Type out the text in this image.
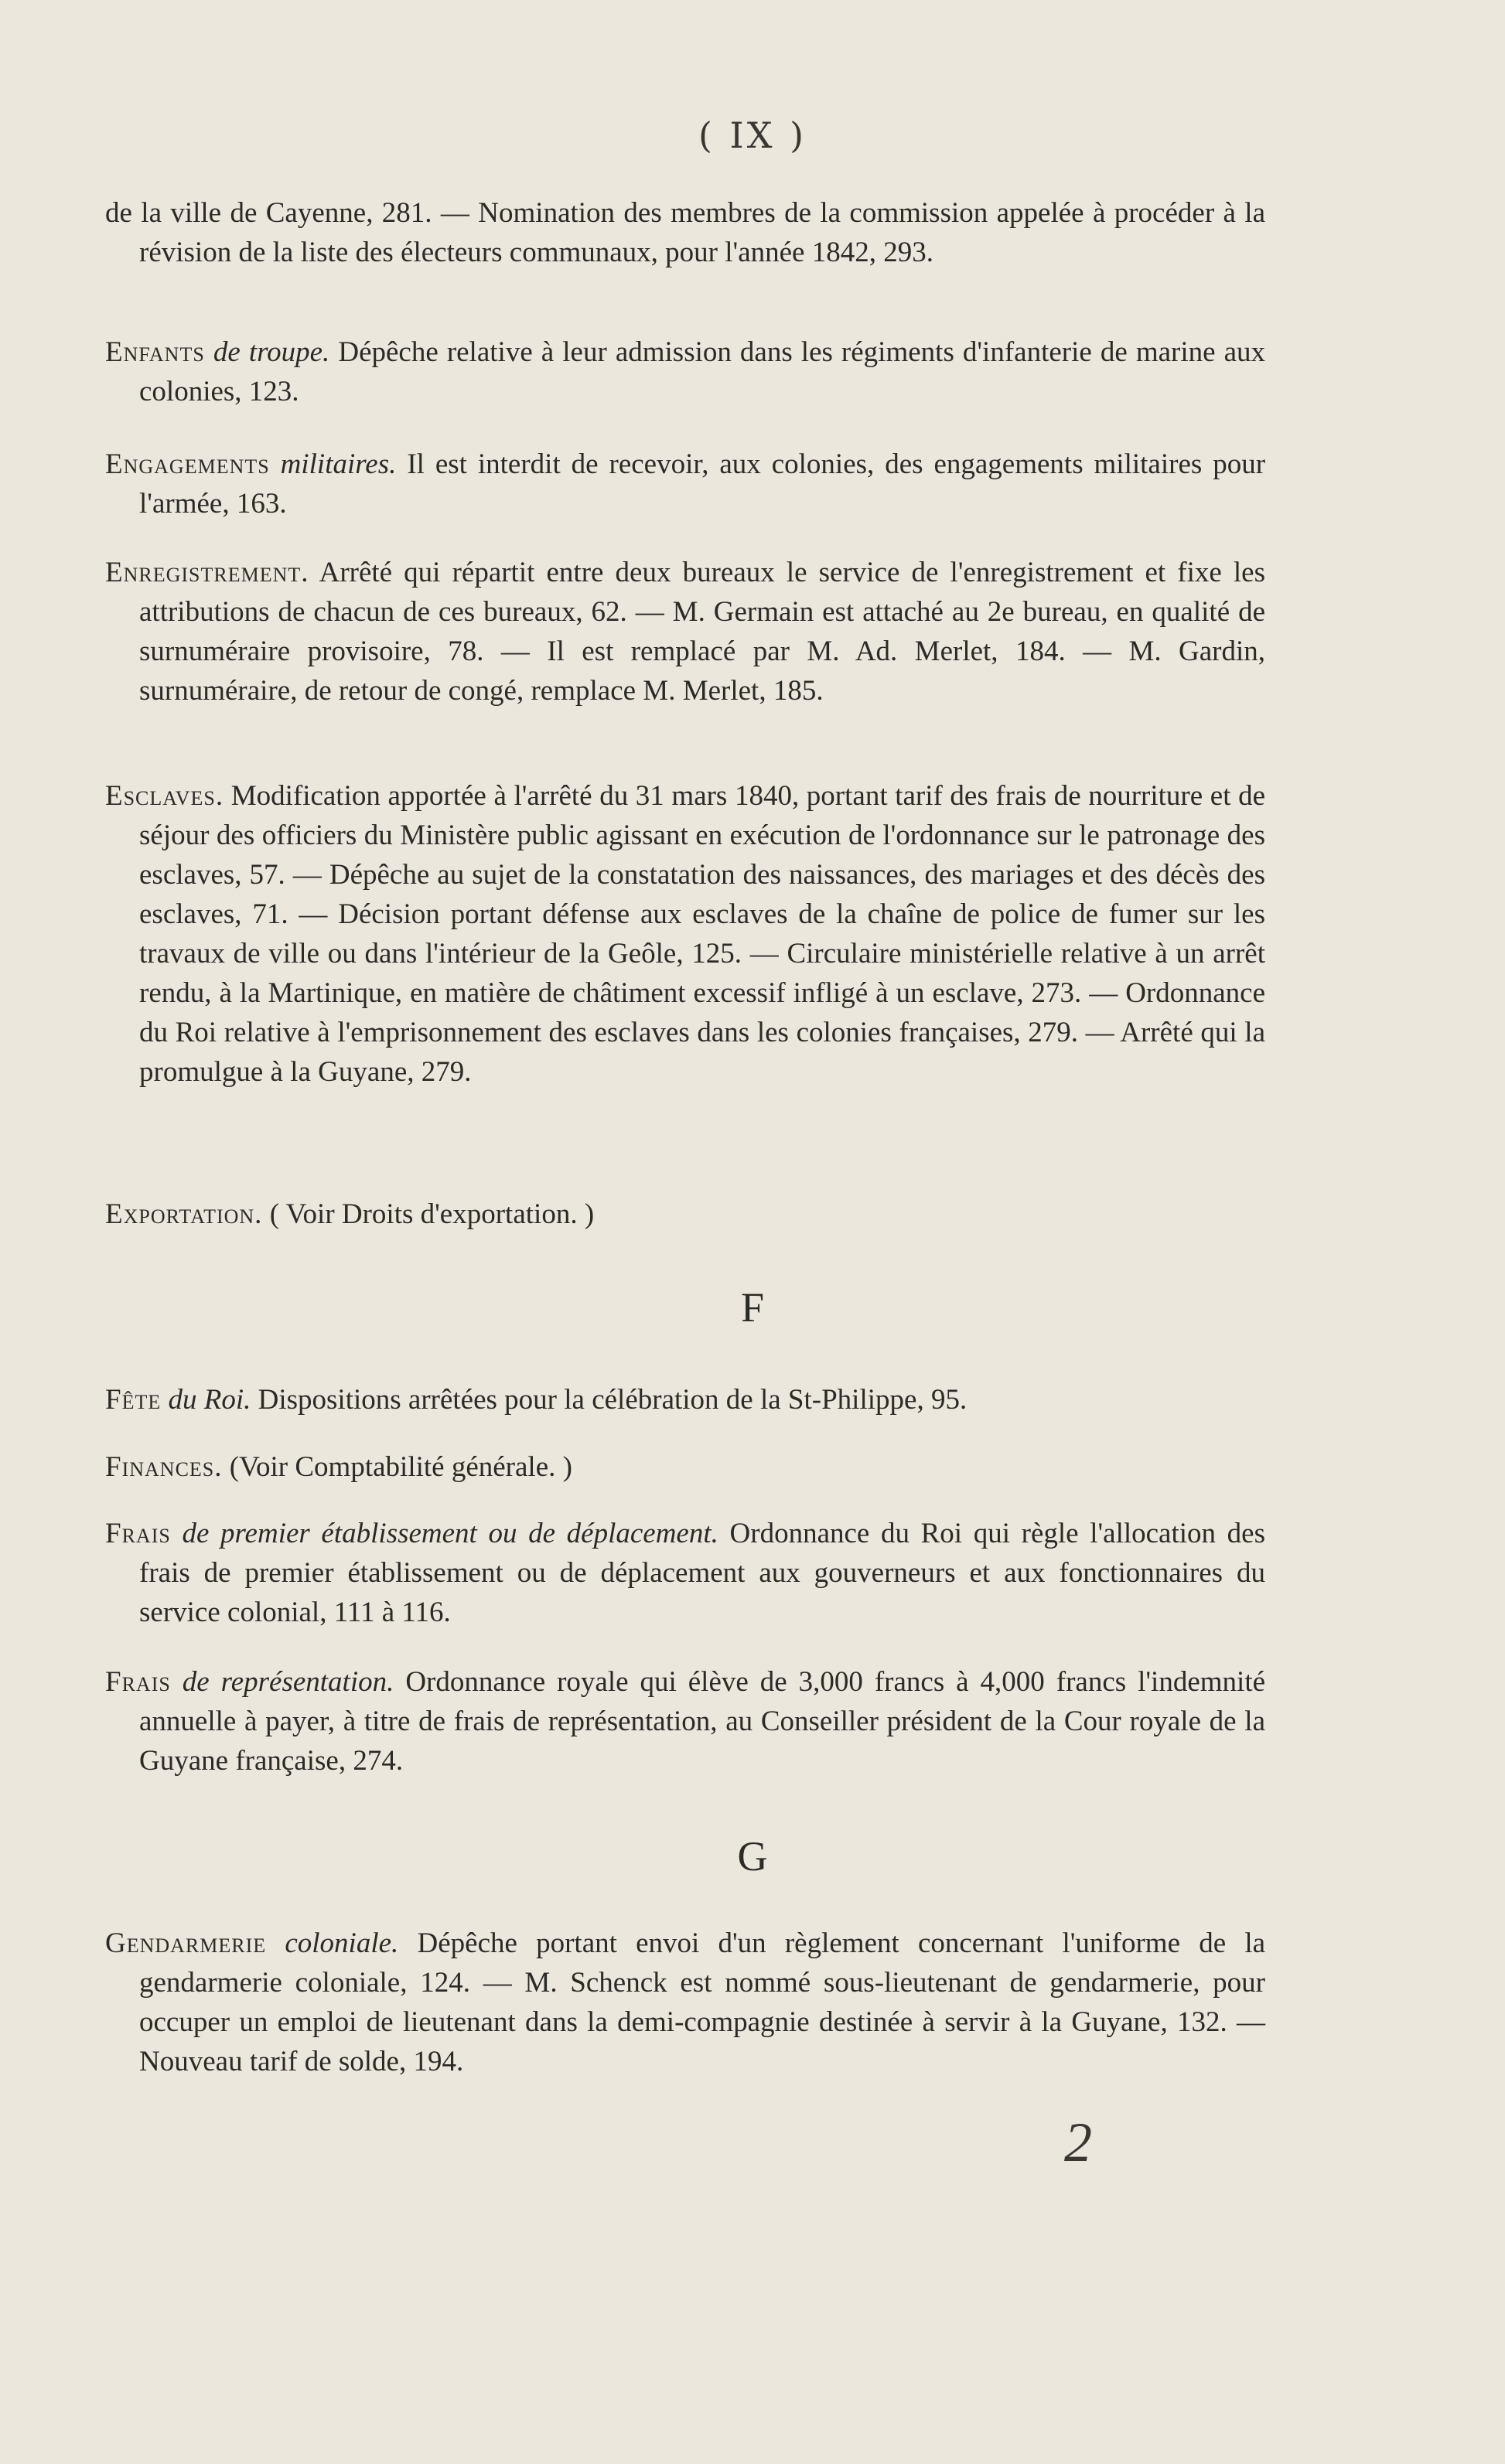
( IX )

de la ville de Cayenne, 281. — Nomination des membres de la commission appelée à procéder à la révision de la liste des électeurs communaux, pour l'année 1842, 293.

Enfants de troupe. Dépêche relative à leur admission dans les régiments d'infanterie de marine aux colonies, 123.

Engagements militaires. Il est interdit de recevoir, aux colonies, des engagements militaires pour l'armée, 163.

Enregistrement. Arrêté qui répartit entre deux bureaux le service de l'enregistrement et fixe les attributions de chacun de ces bureaux, 62. — M. Germain est attaché au 2e bureau, en qualité de surnuméraire provisoire, 78. — Il est remplacé par M. Ad. Merlet, 184. — M. Gardin, surnuméraire, de retour de congé, remplace M. Merlet, 185.

Esclaves. Modification apportée à l'arrêté du 31 mars 1840, portant tarif des frais de nourriture et de séjour des officiers du Ministère public agissant en exécution de l'ordonnance sur le patronage des esclaves, 57. — Dépêche au sujet de la constatation des naissances, des mariages et des décès des esclaves, 71. — Décision portant défense aux esclaves de la chaîne de police de fumer sur les travaux de ville ou dans l'intérieur de la Geôle, 125. — Circulaire ministérielle relative à un arrêt rendu, à la Martinique, en matière de châtiment excessif infligé à un esclave, 273. — Ordonnance du Roi relative à l'emprisonnement des esclaves dans les colonies françaises, 279. — Arrêté qui la promulgue à la Guyane, 279.

Exportation. ( Voir Droits d'exportation. )

F

Fête du Roi. Dispositions arrêtées pour la célébration de la St-Philippe, 95.

Finances. (Voir Comptabilité générale. )

Frais de premier établissement ou de déplacement. Ordonnance du Roi qui règle l'allocation des frais de premier établissement ou de déplacement aux gouverneurs et aux fonctionnaires du service colonial, 111 à 116.

Frais de représentation. Ordonnance royale qui élève de 3,000 francs à 4,000 francs l'indemnité annuelle à payer, à titre de frais de représentation, au Conseiller président de la Cour royale de la Guyane française, 274.

G

Gendarmerie coloniale. Dépêche portant envoi d'un règlement concernant l'uniforme de la gendarmerie coloniale, 124. — M. Schenck est nommé sous-lieutenant de gendarmerie, pour occuper un emploi de lieutenant dans la demi-compagnie destinée à servir à la Guyane, 132. — Nouveau tarif de solde, 194.

2
